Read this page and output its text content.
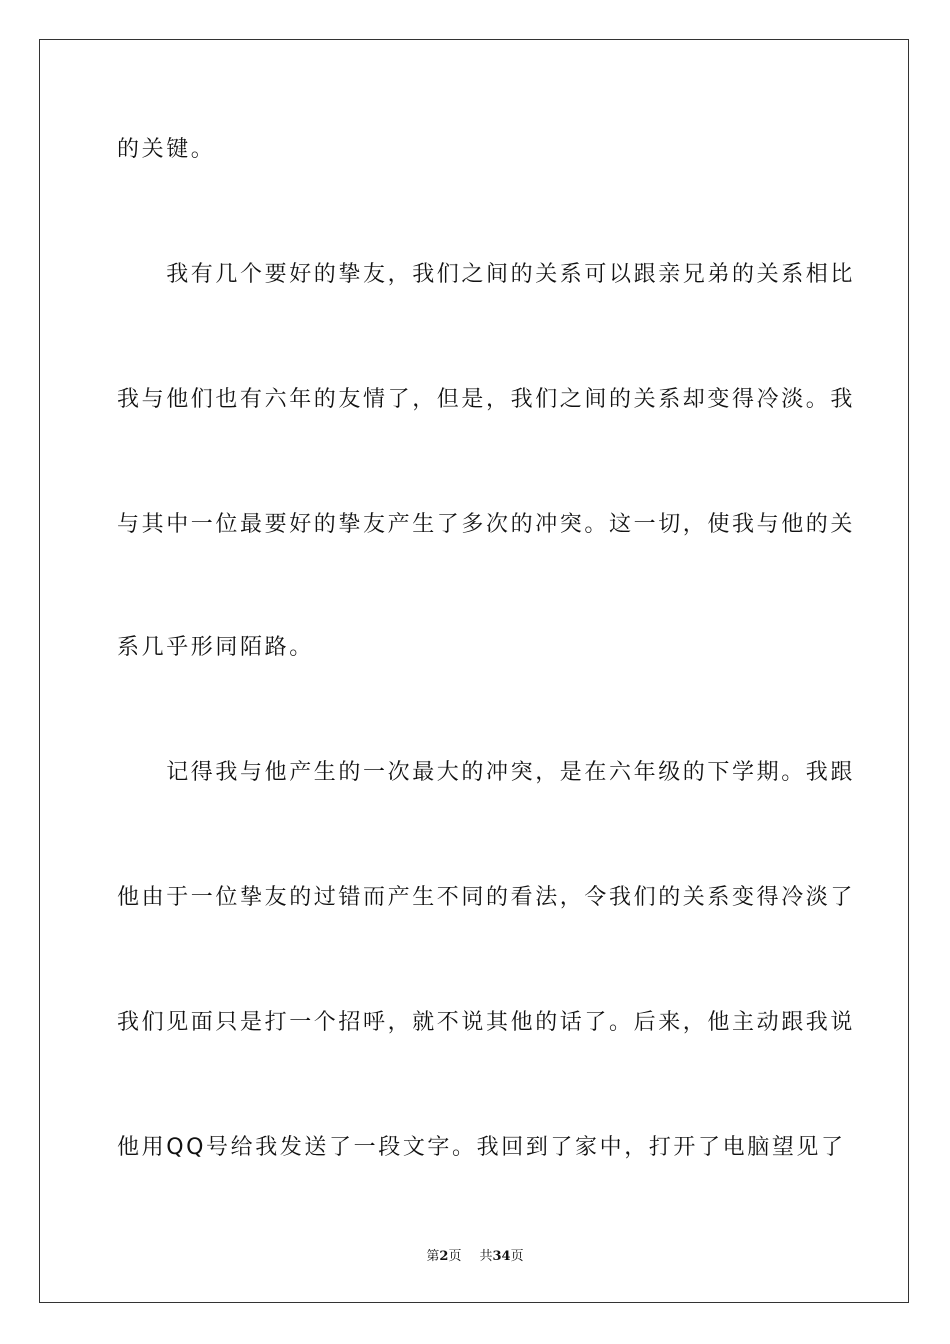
的关键。
　　我有几个要好的挚友，我们之间的关系可以跟亲兄弟的关系相比
我与他们也有六年的友情了，但是，我们之间的关系却变得冷淡。我
与其中一位最要好的挚友产生了多次的冲突。这一切，使我与他的关
系几乎形同陌路。
　　记得我与他产生的一次最大的冲突，是在六年级的下学期。我跟
他由于一位挚友的过错而产生不同的看法，令我们的关系变得冷淡了
我们见面只是打一个招呼，就不说其他的话了。后来，他主动跟我说
他用QQ号给我发送了一段文字。我回到了家中，打开了电脑望见了
第2页 共34页
